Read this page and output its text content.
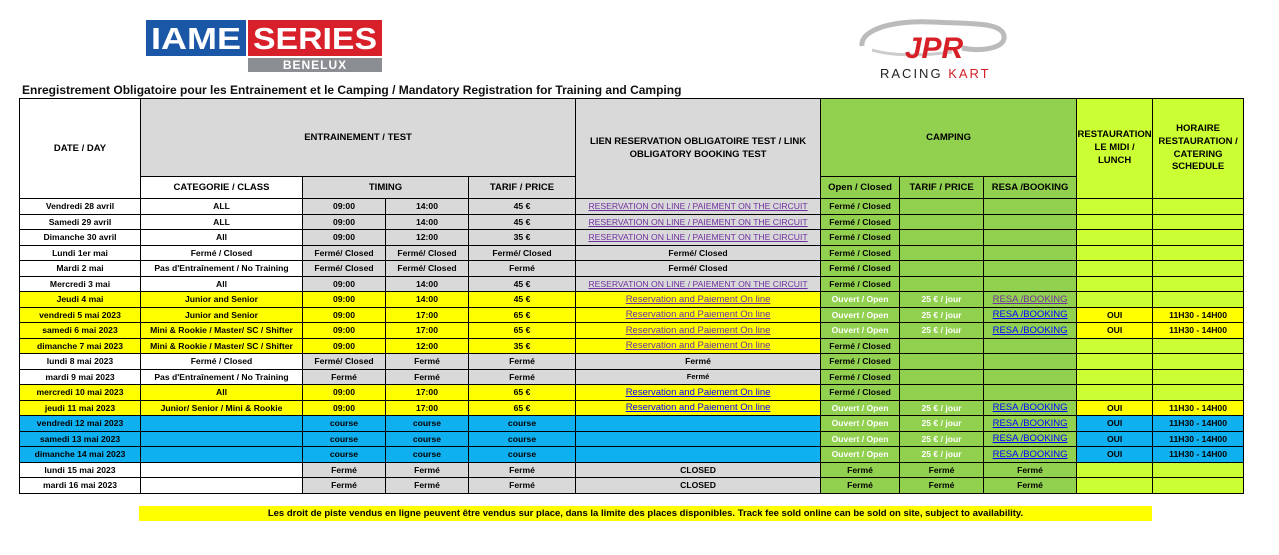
IAME SERIES
BENELUX	JPR
RACING KART
Enregistrement Obligatoire pour les Entrainement et le Camping / Mandatory Registration for Training and Camping
DATE / DAY	ENTRAINEMENT / TEST				LIEN RESERVATION OBLIGATOIRE TEST / LINK OBLIGATORY BOOKING TEST	CAMPING			RESTAURATION LE MIDI / LUNCH	HORAIRE RESTAURATION / CATERING SCHEDULE
	CATEGORIE / CLASS	TIMING		TARIF / PRICE		Open / Closed	TARIF / PRICE	RESA /BOOKING		
Vendredi 28 avril	ALL	09:00	14:00	45 €	RESERVATION ON LINE / PAIEMENT ON THE CIRCUIT	Fermé / Closed				
Samedi 29 avril	ALL	09:00	14:00	45 €	RESERVATION ON LINE / PAIEMENT ON THE CIRCUIT	Fermé / Closed				
Dimanche 30 avril	All	09:00	12:00	35 €	RESERVATION ON LINE / PAIEMENT ON THE CIRCUIT	Fermé / Closed				
Lundi 1er mai	Fermé / Closed	Fermé/ Closed	Fermé/ Closed	Fermé/ Closed	Fermé/ Closed	Fermé / Closed				
Mardi 2 mai	Pas d'Entraînement / No Training	Fermé/ Closed	Fermé/ Closed	Fermé	Fermé/ Closed	Fermé / Closed				
Mercredi 3 mai	All	09:00	14:00	45 €	RESERVATION ON LINE / PAIEMENT ON THE CIRCUIT	Fermé / Closed				
Jeudi 4 mai	Junior and Senior	09:00	14:00	45 €	Reservation and Paiement On line	Ouvert / Open	25 € / jour	RESA /BOOKING		
vendredi 5 mai 2023	Junior and Senior	09:00	17:00	65 €	Reservation and Paiement On line	Ouvert / Open	25 € / jour	RESA /BOOKING	OUI	11H30 - 14H00
samedi 6 mai 2023	Mini & Rookie / Master/ SC / Shifter	09:00	17:00	65 €	Reservation and Paiement On line	Ouvert / Open	25 € / jour	RESA /BOOKING	OUI	11H30 - 14H00
dimanche 7 mai 2023	Mini & Rookie / Master/ SC / Shifter	09:00	12:00	35 €	Reservation and Paiement On line	Fermé / Closed				
lundi 8 mai 2023	Fermé / Closed	Fermé/ Closed	Fermé	Fermé	Fermé	Fermé / Closed				
mardi 9 mai 2023	Pas d'Entraînement / No Training	Fermé	Fermé	Fermé	Fermé	Fermé / Closed				
mercredi 10 mai 2023	All	09:00	17:00	65 €	Reservation and Paiement On line	Fermé / Closed				
jeudi 11 mai 2023	Junior/ Senior / Mini & Rookie	09:00	17:00	65 €	Reservation and Paiement On line	Ouvert / Open	25 € / jour	RESA /BOOKING	OUI	11H30 - 14H00
vendredi 12 mai 2023		course	course	course		Ouvert / Open	25 € / jour	RESA /BOOKING	OUI	11H30 - 14H00
samedi 13 mai 2023		course	course	course		Ouvert / Open	25 € / jour	RESA /BOOKING	OUI	11H30 - 14H00
dimanche 14 mai 2023		course	course	course		Ouvert / Open	25 € / jour	RESA /BOOKING	OUI	11H30 - 14H00
lundi 15 mai 2023		Fermé	Fermé	Fermé	CLOSED	Fermé	Fermé	Fermé		
mardi 16 mai 2023		Fermé	Fermé	Fermé	CLOSED	Fermé	Fermé	Fermé		
Les droit de piste vendus en ligne peuvent être vendus sur place, dans la limite des places disponibles. Track fee sold online can be sold on site, subject to availability.
